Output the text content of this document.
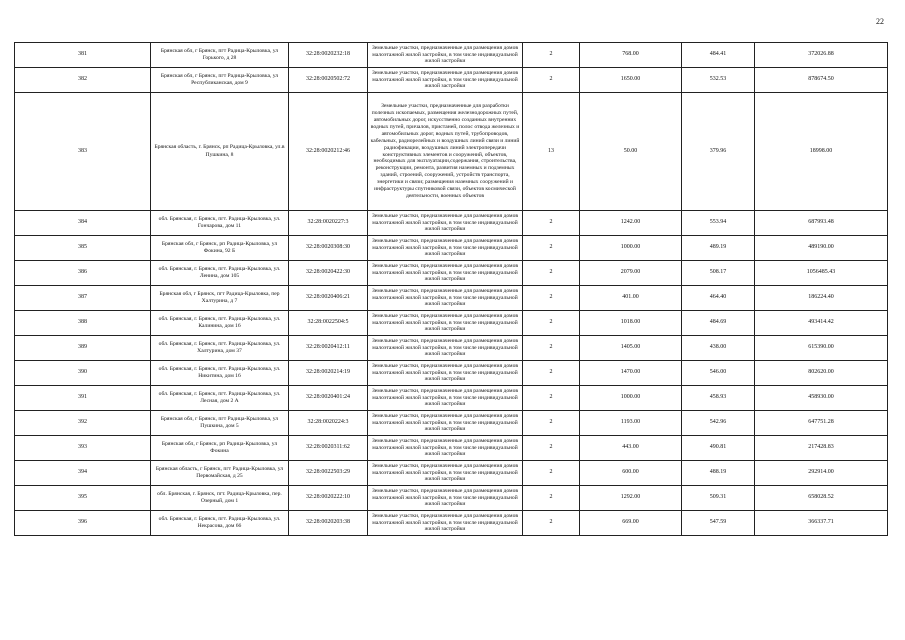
22
381	Брянская обл, г Брянск, пгт Радица-Крыловка, ул Горького, д 28	32:28:0020232:18	Земельные участки, предназначенные для размещения домов малоэтажной жилой застройки, в том числе индивидуальной жилой застройки	2	768.00	484.41	372026.88
382	Брянская обл, г Брянск, пгт Радица-Крыловка, ул Республиканская, дом 9	32:28:0020502:72	Земельные участки, предназначенные для размещения домов малоэтажной жилой застройки, в том числе индивидуальной жилой застройки	2	1650.00	532.53	878674.50
383	Брянская область, г. Брянск, рп Радица-Крыловка, ул.в Пушкина, 8	32:28:0020212:46	Земельные участки, предназначенные для разработки полезных ископаемых, размещения железнодорожных путей, автомобильных дорог, искусственно созданных внутренних водных путей, причалов, пристаней, полос отвода железных и автомобильных дорог, водных путей, трубопроводов, кабельных, радиорелейных и воздушных линий связи и линий радиофикации, воздушных линий электропередачи конструктивных элементов и сооружений, объектов, необходимых для эксплуатации,содержания, строительства, реконструкции, ремонта, развития наземных и подземных зданий, строений, сооружений, устройств транспорта, энергетики и связи; размещения наземных сооружений и инфраструктуры спутниковой связи, объектов космической деятельности, военных объектов	13	50.00	379.96	18998.00
384	обл. Брянская, г. Брянск, пгт. Радица-Крыловка, ул. Гончарова, дом 11	32:28:0020227:3	Земельные участки, предназначенные для размещения домов малоэтажной жилой застройки, в том числе индивидуальной жилой застройки	2	1242.00	553.94	687993.48
385	Брянская обл, г Брянск, рп Радица-Крыловка, ул Фокина, 92 Б	32:28:0020308:30	Земельные участки, предназначенные для размещения домов малоэтажной жилой застройки, в том числе индивидуальной жилой застройки	2	1000.00	489.19	489190.00
386	обл. Брянская, г. Брянск, пгт. Радица-Крыловка, ул. Ленина, дом 105	32:28:0020422:30	Земельные участки, предназначенные для размещения домов малоэтажной жилой застройки, в том числе индивидуальной жилой застройки	2	2079.00	508.17	1056485.43
387	Брянская обл, г Брянск, пгт Радица-Крыловка, пер Халтурина, д 7	32:28:0020406:21	Земельные участки, предназначенные для размещения домов малоэтажной жилой застройки, в том числе индивидуальной жилой застройки	2	401.00	464.40	186224.40
388	обл. Брянская, г. Брянск, пгт. Радица-Крыловка, ул. Калинина, дом 16	32:28:0022504:5	Земельные участки, предназначенные для размещения домов малоэтажной жилой застройки, в том числе индивидуальной жилой застройки	2	1018.00	484.69	493414.42
389	обл. Брянская, г. Брянск, пгт. Радица-Крыловка, ул. Халтурина, дом 37	32:28:0020412:11	Земельные участки, предназначенные для размещения домов малоэтажной жилой застройки, в том числе индивидуальной жилой застройки	2	1405.00	438.00	615390.00
390	обл. Брянская, г. Брянск, пгт. Радица-Крыловка, ул. Никитина, дом 16	32:28:0020214:19	Земельные участки, предназначенные для размещения домов малоэтажной жилой застройки, в том числе индивидуальной жилой застройки	2	1470.00	546.00	802620.00
391	обл. Брянская, г. Брянск, пгт. Радица-Крыловка, ул. Лесная, дом 2 А	32:28:0020401:24	Земельные участки, предназначенные для размещения домов малоэтажной жилой застройки, в том числе индивидуальной жилой застройки	2	1000.00	458.93	458930.00
392	Брянская обл, г Брянск, пгт Радица-Крыловка, ул Пушкина, дом 5	32:28:0020224:3	Земельные участки, предназначенные для размещения домов малоэтажной жилой застройки, в том числе индивидуальной жилой застройки	2	1193.00	542.96	647751.28
393	Брянская обл, г Брянск, рп Радица-Крыловка, ул Фокина	32:28:0020311:62	Земельные участки, предназначенные для размещения домов малоэтажной жилой застройки, в том числе индивидуальной жилой застройки	2	443.00	490.81	217428.83
394	Брянская область, г Брянск, пгт Радица-Крыловка, ул Первомайская, д 25	32:28:0022503:29	Земельные участки, предназначенные для размещения домов малоэтажной жилой застройки, в том числе индивидуальной жилой застройки	2	600.00	488.19	292914.00
395	обл. Брянская, г. Брянск, пгт. Радица-Крыловка, пер. Озерный, дом 1	32:28:0020222:10	Земельные участки, предназначенные для размещения домов малоэтажной жилой застройки, в том числе индивидуальной жилой застройки	2	1292.00	509.31	658028.52
396	обл. Брянская, г. Брянск, пгт. Радица-Крыловка, ул. Некрасова, дом 66	32:28:0020203:38	Земельные участки, предназначенные для размещения домов малоэтажной жилой застройки, в том числе индивидуальной жилой застройки	2	669.00	547.59	366337.71
